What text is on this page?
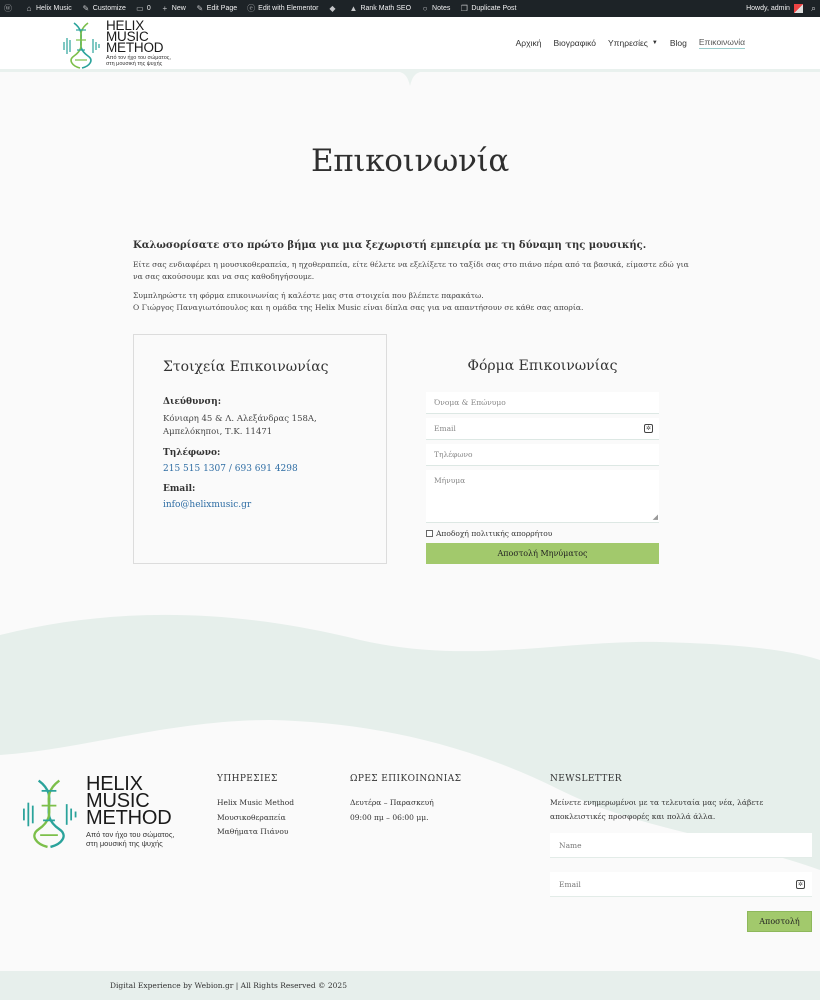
ⓦ ⌂ Helix Music ✎ Customize ▭ 0 + New ✎ Edit Page ⓔ Edit with Elementor ◆ ▲ Rank Math SEO ○ Notes ❐ Duplicate Post	Howdy, admin ⌕
HELIX
MUSIC
METHOD
Από τον ήχο του σώματος,
στη μουσική της ψυχής
Αρχική Βιογραφικό Υπηρεσίες ▼ Blog Επικοινωνία
Επικοινωνία
Καλωσορίσατε στο πρώτο βήμα για μια ξεχωριστή εμπειρία με τη δύναμη της μουσικής.

Είτε σας ενδιαφέρει η μουσικοθεραπεία, η ηχοθεραπεία, είτε θέλετε να εξελίξετε το ταξίδι σας στο πιάνο πέρα από τα βασικά, είμαστε εδώ για να σας ακούσουμε και να σας καθοδηγήσουμε.

Συμπληρώστε τη φόρμα επικοινωνίας ή καλέστε μας στα στοιχεία που βλέπετε παρακάτω.

Ο Γιώργος Παναγιωτόπουλος και η ομάδα της Helix Music είναι δίπλα σας για να απαντήσουν σε κάθε σας απορία.

Στοιχεία Επικοινωνίας
Διεύθυνση:
Κόνιαρη 45 & Λ. Αλεξάνδρας 158Α,
Αμπελόκηποι, Τ.Κ. 11471
Τηλέφωνο:
215 515 1307 / 693 691 4298
Email:
info@helixmusic.gr
Φόρμα Επικοινωνίας
Όνομα & Επώνυμο
Email	✲
Τηλέφωνο
Μήνυμα
◢
Αποδοχή πολιτικής απορρήτου
Αποστολή Μηνύματος
HELIX
MUSIC
METHOD
Από τον ήχο του σώματος,
στη μουσική της ψυχής
ΥΠΗΡΕΣΙΕΣ
Helix Music Method
Μουσικοθεραπεία
Μαθήματα Πιάνου
ΩΡΕΣ ΕΠΙΚΟΙΝΩΝΙΑΣ
Δευτέρα – Παρασκευή
09:00 πμ – 06:00 μμ.
NEWSLETTER

Μείνετε ενημερωμένοι με τα τελευταία μας νέα, λάβετε αποκλειστικές προσφορές και πολλά άλλα.

Name
Email	✲
Αποστολή
Digital Experience by Webion.gr | All Rights Reserved © 2025
